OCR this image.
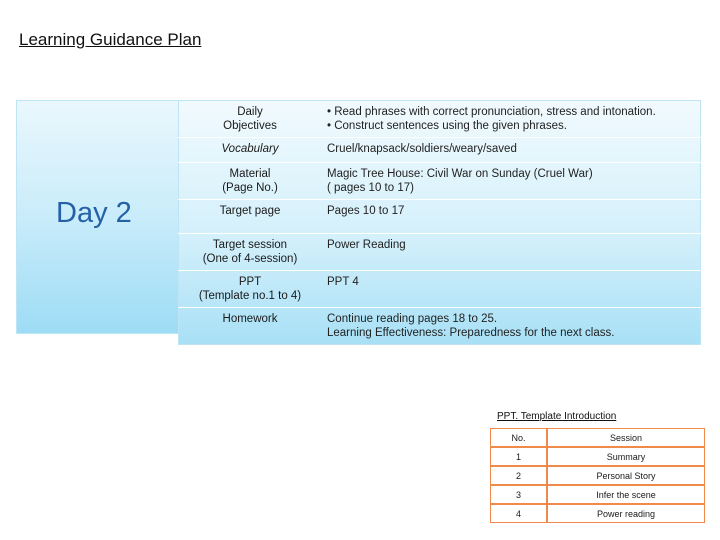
Learning Guidance Plan
Day 2
Daily
Objectives	• Read phrases with correct pronunciation, stress and intonation.
• Construct sentences using the given phrases.

Vocabulary	Cruel/knapsack/soldiers/weary/saved

Material
(Page No.)	Magic Tree House: Civil War on Sunday (Cruel War)
( pages 10 to 17)

Target page	Pages 10 to 17

Target session
(One of 4-session)	Power Reading

PPT
(Template no.1 to 4)	PPT 4

Homework	Continue reading pages 18 to 25.
Learning Effectiveness: Preparedness for the next class.
PPT. Template Introduction
No.	Session
1	Summary
2	Personal Story
3	Infer the scene
4	Power reading
